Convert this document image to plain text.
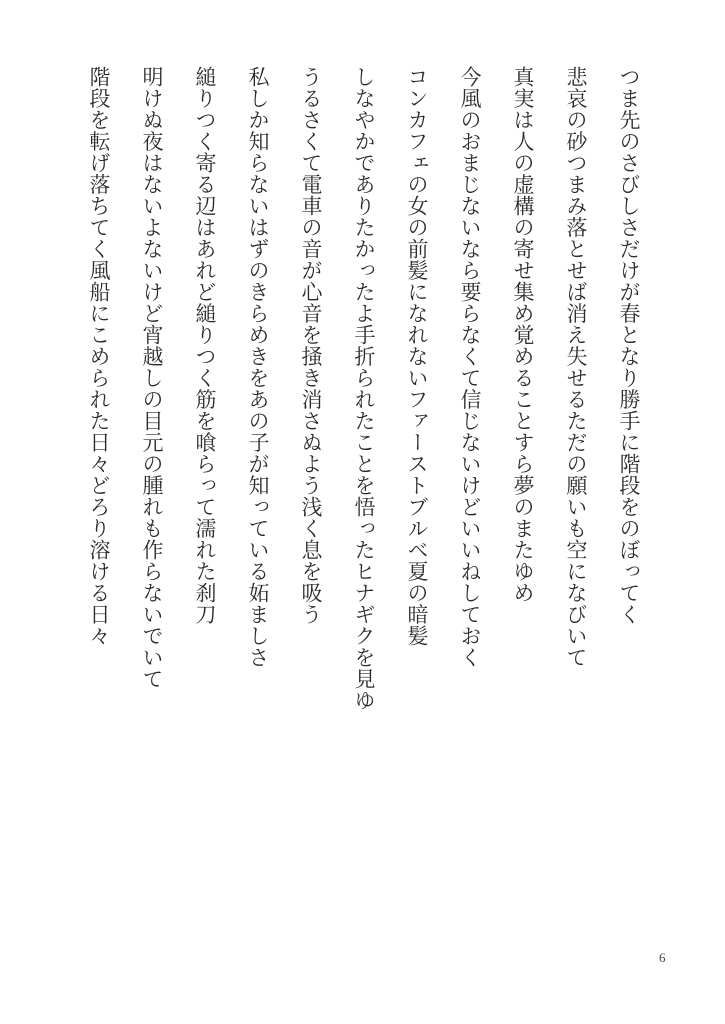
つま先のさびしさだけが春となり勝手に階段をのぼってく
悲哀の砂つまみ落とせば消え失せるただの願いも空になびいて
真実は人の虚構の寄せ集め覚めることすら夢のまたゆめ
今風のおまじないなら要らなくて信じないけどいいねしておく
コンカフェの女の前髪になれないファーストブルベ夏の暗髪
しなやかでありたかったよ手折られたことを悟ったヒナギクを見ゆ
うるさくて電車の音が心音を掻き消さぬよう浅く息を吸う
私しか知らないはずのきらめきをあの子が知っている妬ましさ
縋りつく寄る辺はあれど縋りつく筋を喰らって濡れた刹刀
明けぬ夜はないよないけど宵越しの目元の腫れも作らないでいて
階段を転げ落ちてく風船にこめられた日々どろり溶ける日々
6
